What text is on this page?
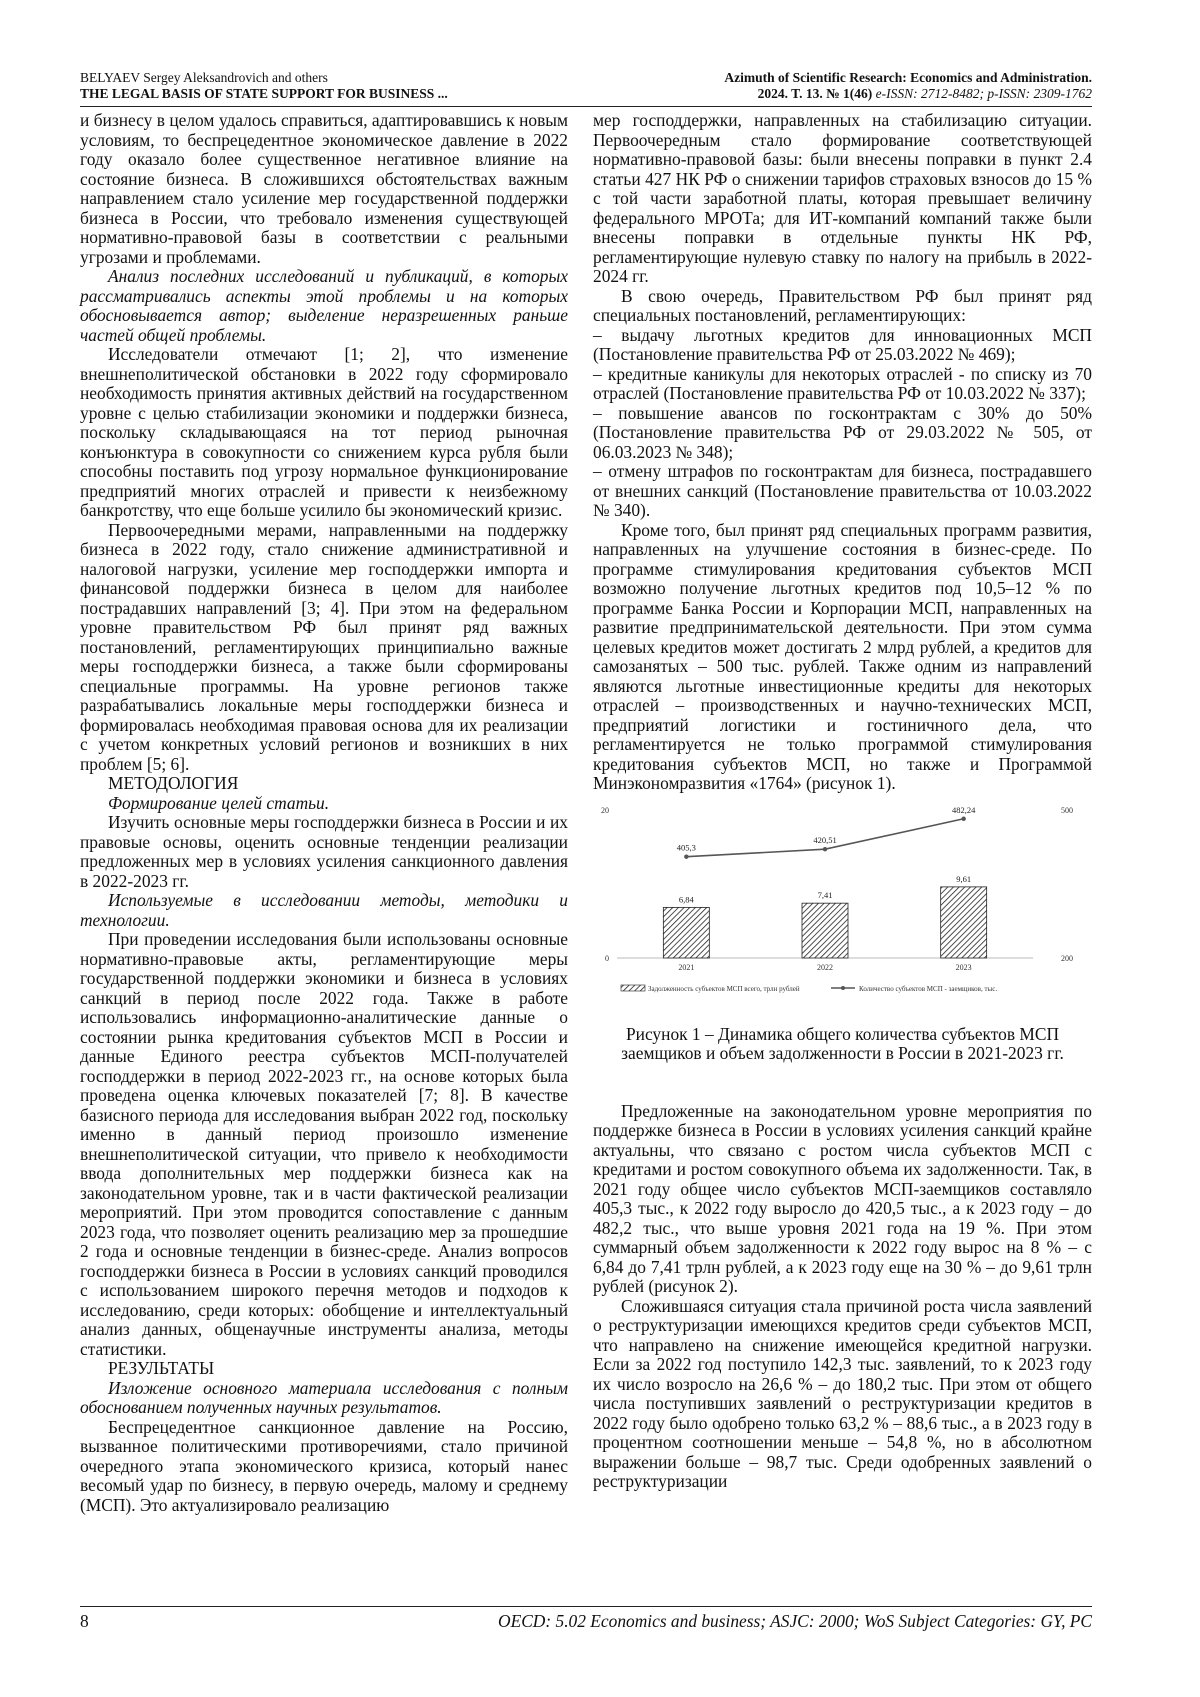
BELYAEV Sergey Aleksandrovich and others
THE LEGAL BASIS OF STATE SUPPORT FOR BUSINESS ...
Azimuth of Scientific Research: Economics and Administration.
2024. T. 13. № 1(46) e-ISSN: 2712-8482; p-ISSN: 2309-1762

и бизнесу в целом удалось справиться, адаптировавшись к новым условиям, то беспрецедентное экономическое давление в 2022 году оказало более существенное негативное влияние на состояние бизнеса. В сложившихся обстоятельствах важным направлением стало усиление мер государственной поддержки бизнеса в России, что требовало изменения существующей нормативно-правовой базы в соответствии с реальными угрозами и проблемами.

Анализ последних исследований и публикаций, в которых рассматривались аспекты этой проблемы и на которых обосновывается автор; выделение неразрешенных раньше частей общей проблемы.

Исследователи отмечают [1; 2], что изменение внешнеполитической обстановки в 2022 году сформировало необходимость принятия активных действий на государственном уровне с целью стабилизации экономики и поддержки бизнеса, поскольку складывающаяся на тот период рыночная конъюнктура в совокупности со снижением курса рубля были способны поставить под угрозу нормальное функционирование предприятий многих отраслей и привести к неизбежному банкротству, что еще больше усилило бы экономический кризис.

Первоочередными мерами, направленными на поддержку бизнеса в 2022 году, стало снижение административной и налоговой нагрузки, усиление мер господдержки импорта и финансовой поддержки бизнеса в целом для наиболее пострадавших направлений [3; 4]. При этом на федеральном уровне правительством РФ был принят ряд важных постановлений, регламентирующих принципиально важные меры господдержки бизнеса, а также были сформированы специальные программы. На уровне регионов также разрабатывались локальные меры господдержки бизнеса и формировалась необходимая правовая основа для их реализации с учетом конкретных условий регионов и возникших в них проблем [5; 6].

МЕТОДОЛОГИЯ

Формирование целей статьи.

Изучить основные меры господдержки бизнеса в России и их правовые основы, оценить основные тенденции реализации предложенных мер в условиях усиления санкционного давления в 2022-2023 гг.

Используемые в исследовании методы, методики и технологии.

При проведении исследования были использованы основные нормативно-правовые акты, регламентирующие меры государственной поддержки экономики и бизнеса в условиях санкций в период после 2022 года. Также в работе использовались информационно-аналитические данные о состоянии рынка кредитования субъектов МСП в России и данные Единого реестра субъектов МСП-получателей господдержки в период 2022-2023 гг., на основе которых была проведена оценка ключевых показателей [7; 8]. В качестве базисного периода для исследования выбран 2022 год, поскольку именно в данный период произошло изменение внешнеполитической ситуации, что привело к необходимости ввода дополнительных мер поддержки бизнеса как на законодательном уровне, так и в части фактической реализации мероприятий. При этом проводится сопоставление с данным 2023 года, что позволяет оценить реализацию мер за прошедшие 2 года и основные тенденции в бизнес-среде. Анализ вопросов господдержки бизнеса в России в условиях санкций проводился с использованием широкого перечня методов и подходов к исследованию, среди которых: обобщение и интеллектуальный анализ данных, общенаучные инструменты анализа, методы статистики.

РЕЗУЛЬТАТЫ

Изложение основного материала исследования с полным обоснованием полученных научных результатов.

Беспрецедентное санкционное давление на Россию, вызванное политическими противоречиями, стало причиной очередного этапа экономического кризиса, который нанес весомый удар по бизнесу, в первую очередь, малому и среднему (МСП). Это актуализировало реализацию

мер господдержки, направленных на стабилизацию ситуации. Первоочередным стало формирование соответствующей нормативно-правовой базы: были внесены поправки в пункт 2.4 статьи 427 НК РФ о снижении тарифов страховых взносов до 15 % с той части заработной платы, которая превышает величину федерального МРОТа; для ИТ-компаний компаний также были внесены поправки в отдельные пункты НК РФ, регламентирующие нулевую ставку по налогу на прибыль в 2022-2024 гг.

В свою очередь, Правительством РФ был принят ряд специальных постановлений, регламентирующих:

– выдачу льготных кредитов для инновационных МСП (Постановление правительства РФ от 25.03.2022 № 469);

– кредитные каникулы для некоторых отраслей - по списку из 70 отраслей (Постановление правительства РФ от 10.03.2022 № 337);

– повышение авансов по госконтрактам с 30% до 50% (Постановление правительства РФ от 29.03.2022 № 505, от 06.03.2023 № 348);

– отмену штрафов по госконтрактам для бизнеса, пострадавшего от внешних санкций (Постановление правительства от 10.03.2022 № 340).

Кроме того, был принят ряд специальных программ развития, направленных на улучшение состояния в бизнес-среде. По программе стимулирования кредитования субъектов МСП возможно получение льготных кредитов под 10,5–12 % по программе Банка России и Корпорации МСП, направленных на развитие предпринимательской деятельности. При этом сумма целевых кредитов может достигать 2 млрд рублей, а кредитов для самозанятых – 500 тыс. рублей. Также одним из направлений являются льготные инвестиционные кредиты для некоторых отраслей – производственных и научно-технических МСП, предприятий логистики и гостиничного дела, что регламентируется не только программой стимулирования кредитования субъектов МСП, но также и Программой Минэкономразвития «1764» (рисунок 1).

0
20
200
500
6,84	7,41
9,61
405,3
420,51
482,24
2021	2022	2023
Задолженность субъектов МСП всего, трлн рублей	Количество субъектов МСП - заемщиков, тыс.
Рисунок 1 – Динамика общего количества субъектов МСП заемщиков и объем задолженности в России в 2021-2023 гг.

Предложенные на законодательном уровне мероприятия по поддержке бизнеса в России в условиях усиления санкций крайне актуальны, что связано с ростом числа субъектов МСП с кредитами и ростом совокупного объема их задолженности. Так, в 2021 году общее число субъектов МСП-заемщиков составляло 405,3 тыс., к 2022 году выросло до 420,5 тыс., а к 2023 году – до 482,2 тыс., что выше уровня 2021 года на 19 %. При этом суммарный объем задолженности к 2022 году вырос на 8 % – с 6,84 до 7,41 трлн рублей, а к 2023 году еще на 30 % – до 9,61 трлн рублей (рисунок 2).

Сложившаяся ситуация стала причиной роста числа заявлений о реструктуризации имеющихся кредитов среди субъектов МСП, что направлено на снижение имеющейся кредитной нагрузки. Если за 2022 год поступило 142,3 тыс. заявлений, то к 2023 году их число возросло на 26,6 % – до 180,2 тыс. При этом от общего числа поступивших заявлений о реструктуризации кредитов в 2022 году было одобрено только 63,2 % – 88,6 тыс., а в 2023 году в процентном соотношении меньше – 54,8 %, но в абсолютном выражении больше – 98,7 тыс. Среди одобренных заявлений о реструктуризации

8	OECD: 5.02 Economics and business; ASJC: 2000; WoS Subject Categories: GY, PC
